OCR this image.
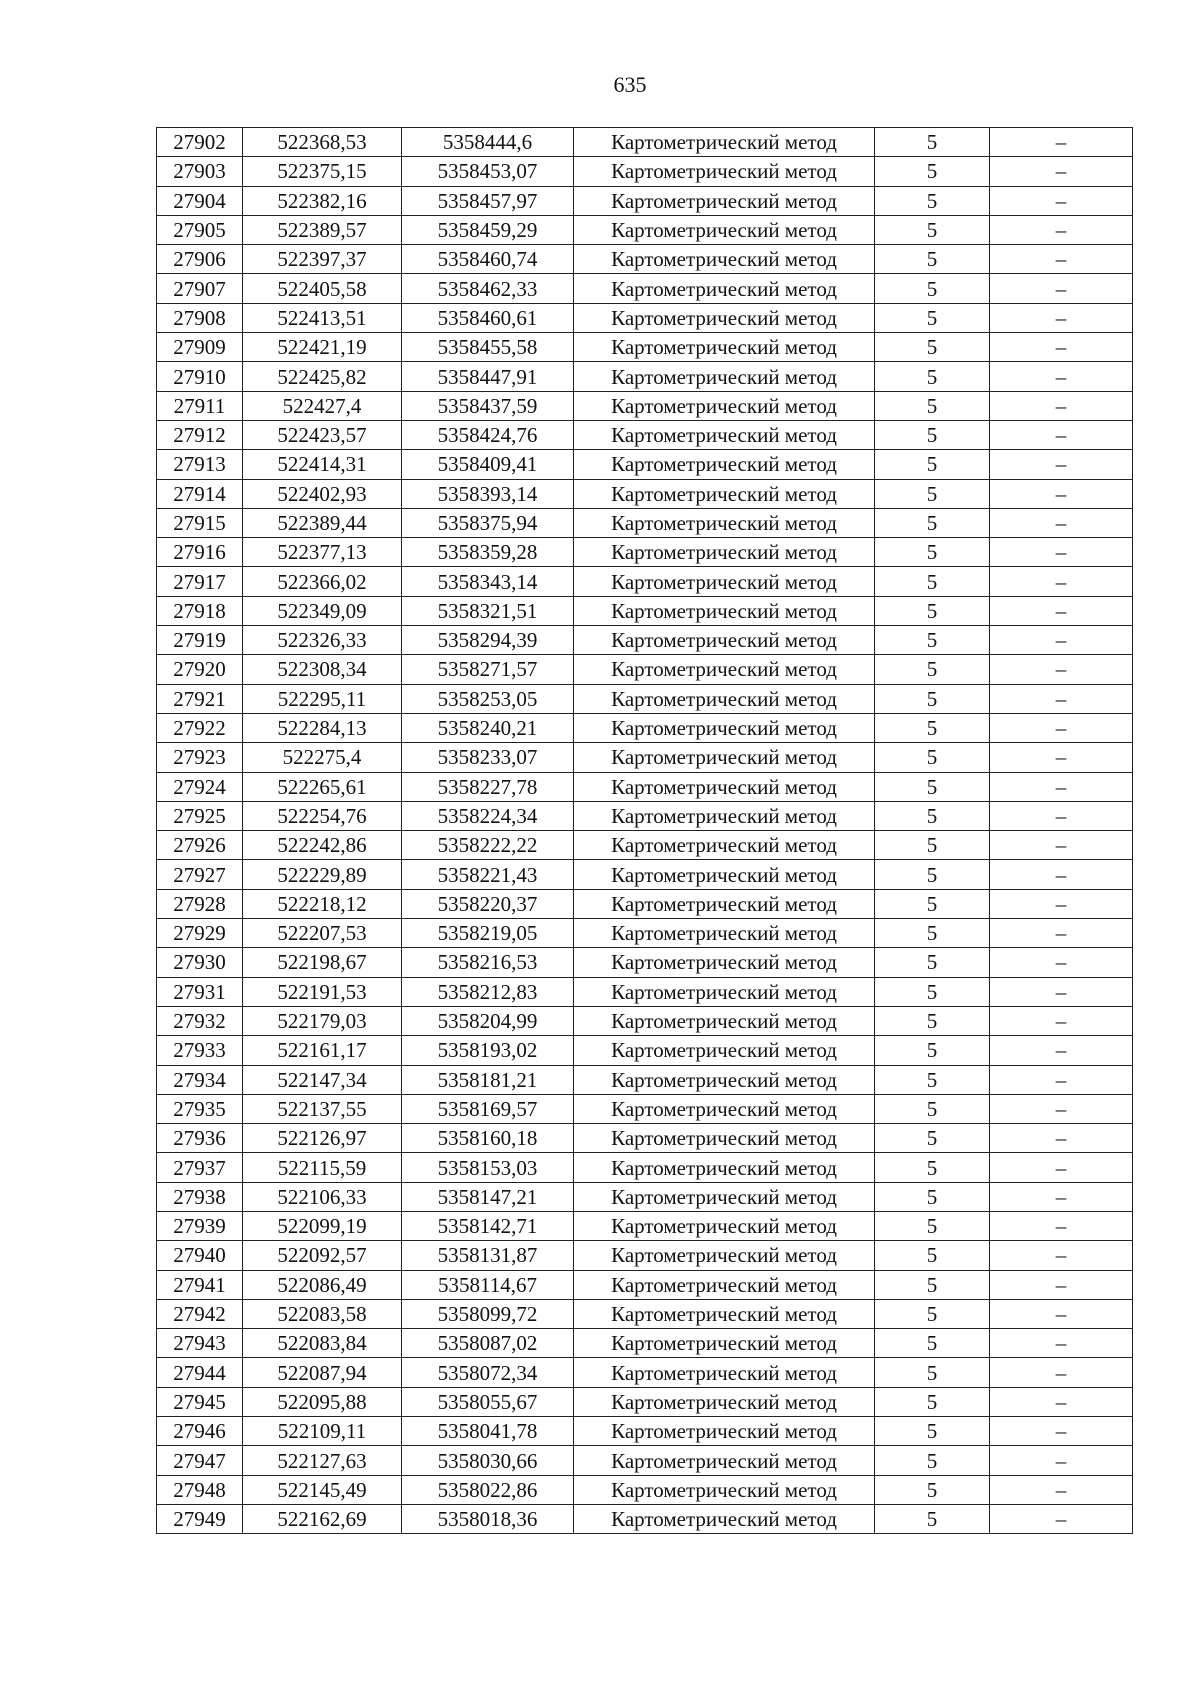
635
27902	522368,53	5358444,6	Картометрический метод	5	–
27903	522375,15	5358453,07	Картометрический метод	5	–
27904	522382,16	5358457,97	Картометрический метод	5	–
27905	522389,57	5358459,29	Картометрический метод	5	–
27906	522397,37	5358460,74	Картометрический метод	5	–
27907	522405,58	5358462,33	Картометрический метод	5	–
27908	522413,51	5358460,61	Картометрический метод	5	–
27909	522421,19	5358455,58	Картометрический метод	5	–
27910	522425,82	5358447,91	Картометрический метод	5	–
27911	522427,4	5358437,59	Картометрический метод	5	–
27912	522423,57	5358424,76	Картометрический метод	5	–
27913	522414,31	5358409,41	Картометрический метод	5	–
27914	522402,93	5358393,14	Картометрический метод	5	–
27915	522389,44	5358375,94	Картометрический метод	5	–
27916	522377,13	5358359,28	Картометрический метод	5	–
27917	522366,02	5358343,14	Картометрический метод	5	–
27918	522349,09	5358321,51	Картометрический метод	5	–
27919	522326,33	5358294,39	Картометрический метод	5	–
27920	522308,34	5358271,57	Картометрический метод	5	–
27921	522295,11	5358253,05	Картометрический метод	5	–
27922	522284,13	5358240,21	Картометрический метод	5	–
27923	522275,4	5358233,07	Картометрический метод	5	–
27924	522265,61	5358227,78	Картометрический метод	5	–
27925	522254,76	5358224,34	Картометрический метод	5	–
27926	522242,86	5358222,22	Картометрический метод	5	–
27927	522229,89	5358221,43	Картометрический метод	5	–
27928	522218,12	5358220,37	Картометрический метод	5	–
27929	522207,53	5358219,05	Картометрический метод	5	–
27930	522198,67	5358216,53	Картометрический метод	5	–
27931	522191,53	5358212,83	Картометрический метод	5	–
27932	522179,03	5358204,99	Картометрический метод	5	–
27933	522161,17	5358193,02	Картометрический метод	5	–
27934	522147,34	5358181,21	Картометрический метод	5	–
27935	522137,55	5358169,57	Картометрический метод	5	–
27936	522126,97	5358160,18	Картометрический метод	5	–
27937	522115,59	5358153,03	Картометрический метод	5	–
27938	522106,33	5358147,21	Картометрический метод	5	–
27939	522099,19	5358142,71	Картометрический метод	5	–
27940	522092,57	5358131,87	Картометрический метод	5	–
27941	522086,49	5358114,67	Картометрический метод	5	–
27942	522083,58	5358099,72	Картометрический метод	5	–
27943	522083,84	5358087,02	Картометрический метод	5	–
27944	522087,94	5358072,34	Картометрический метод	5	–
27945	522095,88	5358055,67	Картометрический метод	5	–
27946	522109,11	5358041,78	Картометрический метод	5	–
27947	522127,63	5358030,66	Картометрический метод	5	–
27948	522145,49	5358022,86	Картометрический метод	5	–
27949	522162,69	5358018,36	Картометрический метод	5	–
